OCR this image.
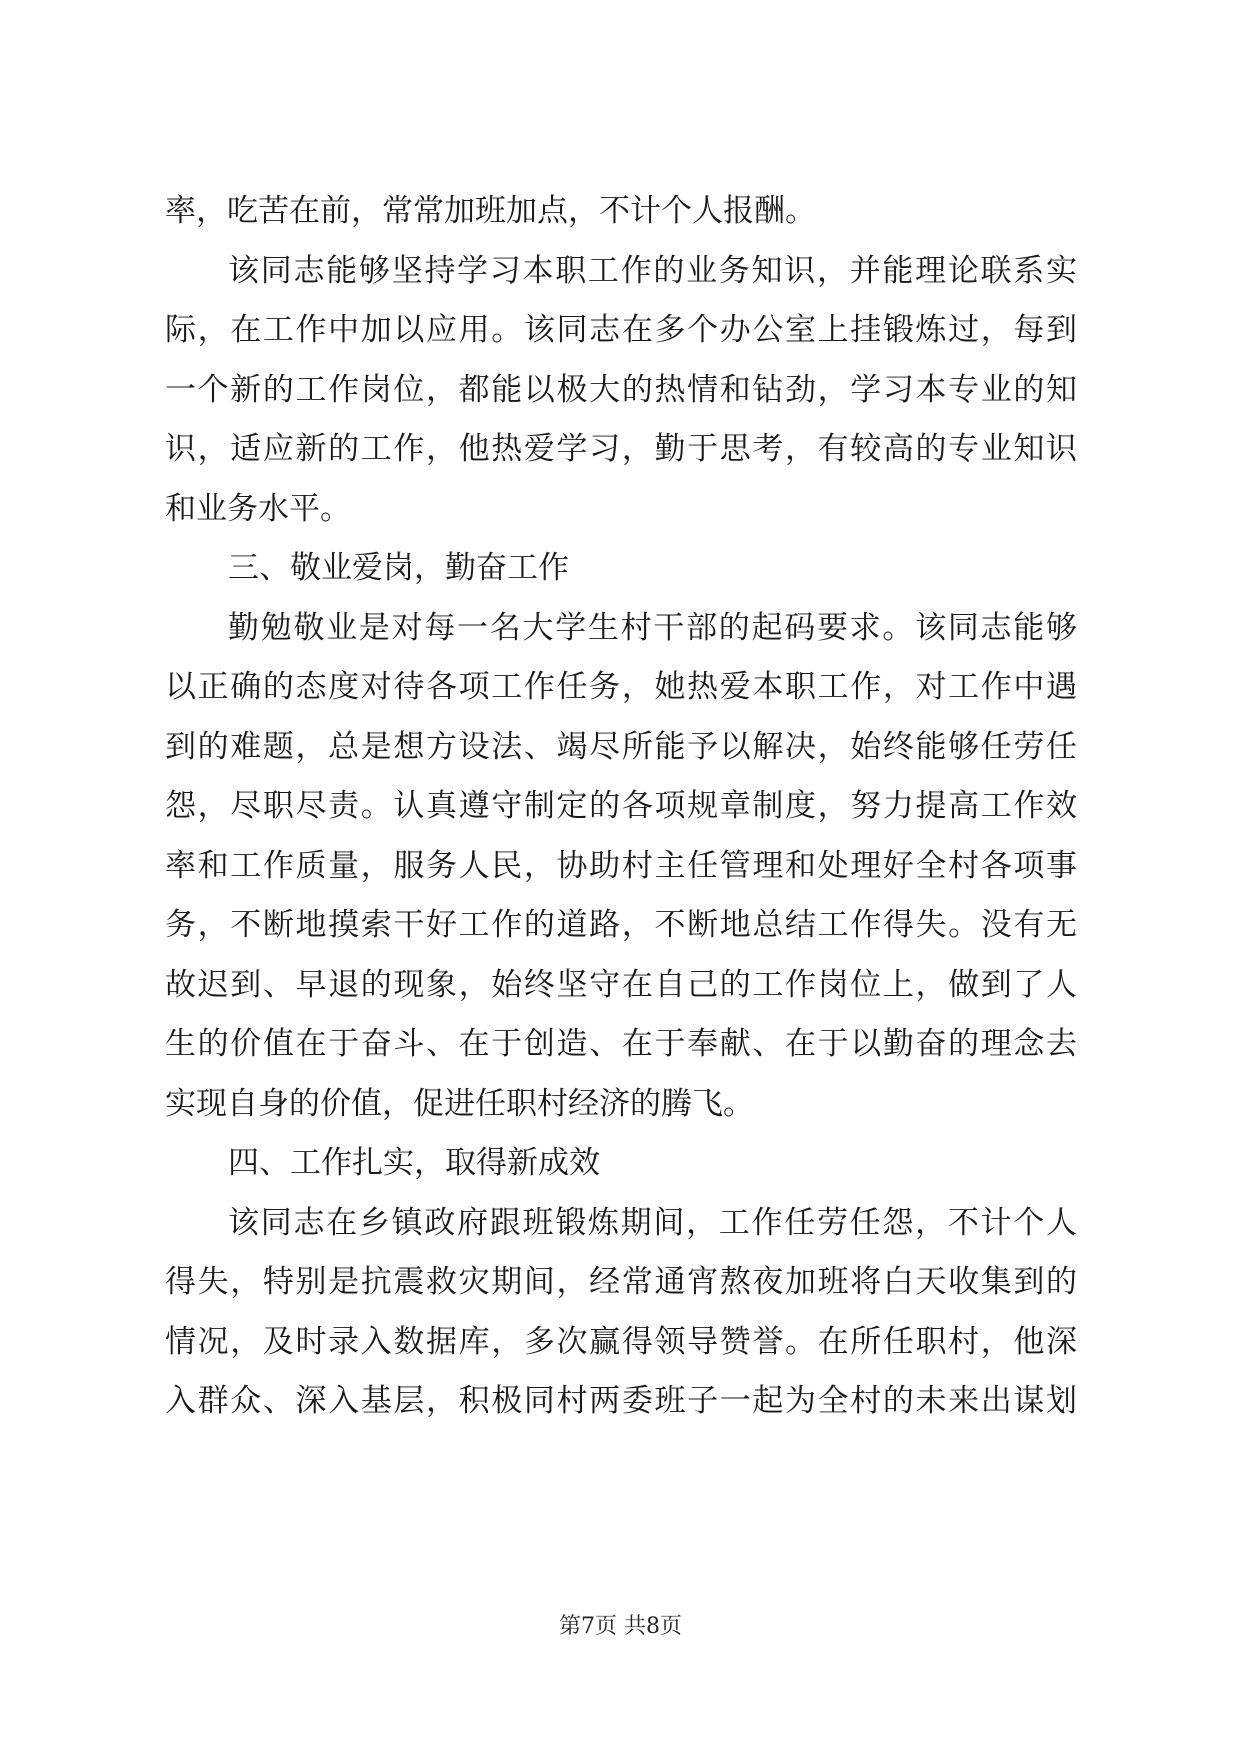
率，吃苦在前，常常加班加点，不计个人报酬。
该同志能够坚持学习本职工作的业务知识，并能理论联系实
际，在工作中加以应用。该同志在多个办公室上挂锻炼过，每到
一个新的工作岗位，都能以极大的热情和钻劲，学习本专业的知
识，适应新的工作，他热爱学习，勤于思考，有较高的专业知识
和业务水平。
三、敬业爱岗，勤奋工作
勤勉敬业是对每一名大学生村干部的起码要求。该同志能够
以正确的态度对待各项工作任务，她热爱本职工作，对工作中遇
到的难题，总是想方设法、竭尽所能予以解决，始终能够任劳任
怨，尽职尽责。认真遵守制定的各项规章制度，努力提高工作效
率和工作质量，服务人民，协助村主任管理和处理好全村各项事
务，不断地摸索干好工作的道路，不断地总结工作得失。没有无
故迟到、早退的现象，始终坚守在自己的工作岗位上，做到了人
生的价值在于奋斗、在于创造、在于奉献、在于以勤奋的理念去
实现自身的价值，促进任职村经济的腾飞。
四、工作扎实，取得新成效
该同志在乡镇政府跟班锻炼期间，工作任劳任怨，不计个人
得失，特别是抗震救灾期间，经常通宵熬夜加班将白天收集到的
情况，及时录入数据库，多次赢得领导赞誉。在所任职村，他深
入群众、深入基层，积极同村两委班子一起为全村的未来出谋划
第7页 共8页
